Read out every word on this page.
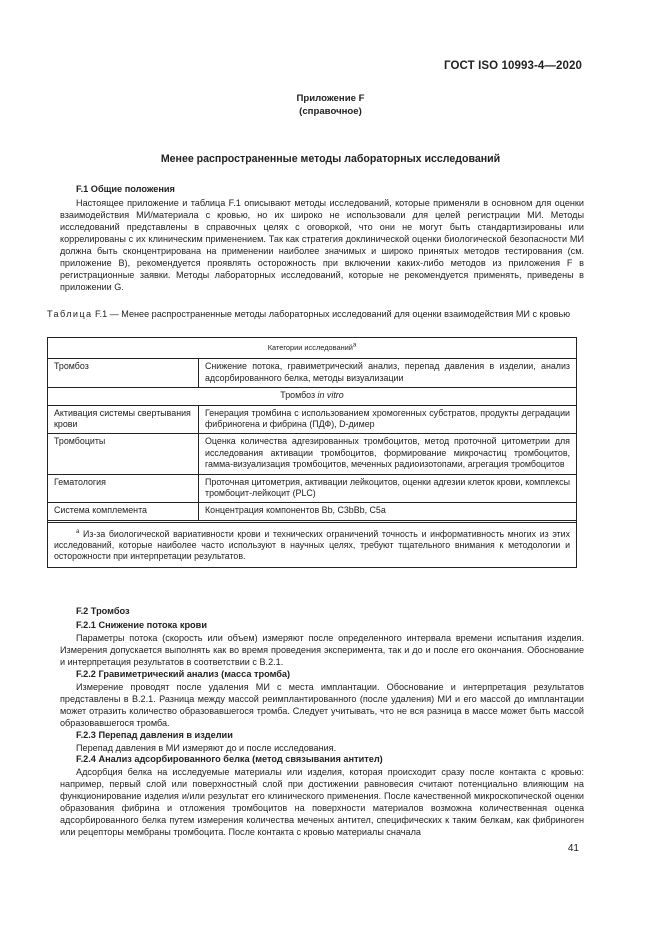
ГОСТ ISO 10993-4—2020
Приложение F
(справочное)
Менее распространенные методы лабораторных исследований
F.1 Общие положения

Настоящее приложение и таблица F.1 описывают методы исследований, которые применяли в основном для оценки взаимодействия МИ/материала с кровью, но их широко не использовали для целей регистрации МИ. Методы исследований представлены в справочных целях с оговоркой, что они не могут быть стандартизированы или коррелированы с их клиническим применением. Так как стратегия доклинической оценки биологической безопасности МИ должна быть сконцентрирована на применении наиболее значимых и широко принятых методов тестирования (см. приложение В), рекомендуется проявлять осторожность при включении каких-либо методов из приложения F в регистрационные заявки. Методы лабораторных исследований, которые не рекомендуется применять, приведены в приложении G.

Таблица F.1 — Менее распространенные методы лабораторных исследований для оценки взаимодействия МИ с кровью
Категории исследований$^a$
Тромбоз	Снижение потока, гравиметрический анализ, перепад давления в изделии, анализ адсорбированного белка, методы визуализации
Тромбоз in vitro	
Активация системы свертывания крови	Генерация тромбина с использованием хромогенных субстратов, продукты деградации фибриногена и фибрина (ПДФ), D-димер
Тромбоциты	Оценка количества адгезированных тромбоцитов, метод проточной цитометрии для исследования активации тромбоцитов, формирование микрочастиц тромбоцитов, гамма-визуализация тромбоцитов, меченных радиоизотопами, агрегация тромбоцитов
Гематология	Проточная цитометрия, активации лейкоцитов, оценки адгезии клеток крови, комплексы тромбоцит-лейкоцит (PLC)
Система комплемента	Концентрация компонентов Bb, C3bBb, C5a

$^a$ Из-за биологической вариативности крови и технических ограничений точность и информативность многих из этих исследований, которые наиболее часто используют в научных целях, требуют тщательного внимания к методологии и осторожности при интерпретации результатов.	
F.2 Тромбоз
F.2.1 Снижение потока крови

Параметры потока (скорость или объем) измеряют после определенного интервала времени испытания изделия. Измерения допускается выполнять как во время проведения эксперимента, так и до и после его окончания. Обоснование и интерпретация результатов в соответствии с В.2.1.

F.2.2 Гравиметрический анализ (масса тромба)

Измерение проводят после удаления МИ с места имплантации. Обоснование и интерпретация результатов представлены в В.2.1. Разница между массой реимплантированного (после удаления) МИ и его массой до имплантации может отразить количество образовавшегося тромба. Следует учитывать, что не вся разница в массе может быть массой образовавшегося тромба.

F.2.3 Перепад давления в изделии

Перепад давления в МИ измеряют до и после исследования.

F.2.4 Анализ адсорбированного белка (метод связывания антител)

Адсорбция белка на исследуемые материалы или изделия, которая происходит сразу после контакта с кровью: например, первый слой или поверхностный слой при достижении равновесия считают потенциально влияющим на функционирование изделия и/или результат его клинического применения. После качественной микроскопической оценки образования фибрина и отложения тромбоцитов на поверхности материалов возможна количественная оценка адсорбированного белка путем измерения количества меченых антител, специфических к таким белкам, как фибриноген или рецепторы мембраны тромбоцита. После контакта с кровью материалы сначала

41
